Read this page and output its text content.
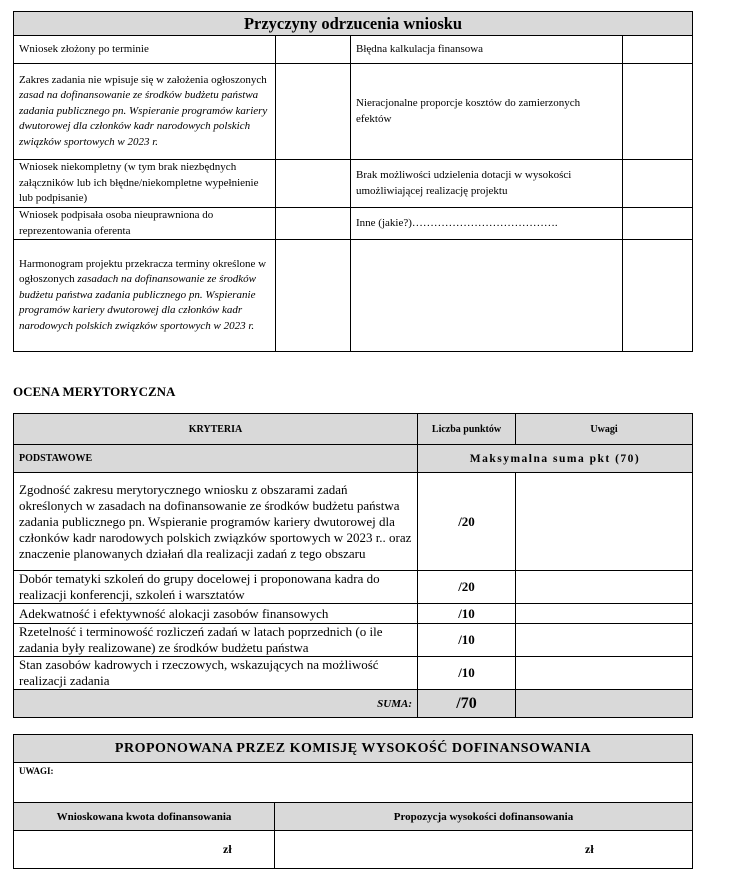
Przyczyny odrzucenia wniosku			
Wniosek złożony po terminie		Błędna kalkulacja finansowa	
Zakres zadania nie wpisuje się w założenia ogłoszonych zasad na dofinansowanie ze środków budżetu państwa zadania publicznego pn. Wspieranie programów kariery dwutorowej dla członków kadr narodowych polskich związków sportowych w 2023 r.		Nieracjonalne proporcje kosztów do zamierzonych efektów	
Wniosek niekompletny (w tym brak niezbędnych załączników lub ich błędne/niekompletne wypełnienie lub podpisanie)		Brak możliwości udzielenia dotacji w wysokości umożliwiającej realizację projektu	
Wniosek podpisała osoba nieuprawniona do reprezentowania oferenta		Inne (jakie?)………………………………….	
Harmonogram projektu przekracza terminy określone w ogłoszonych zasadach na dofinansowanie ze środków budżetu państwa zadania publicznego pn. Wspieranie programów kariery dwutorowej dla członków kadr narodowych polskich związków sportowych w 2023 r.			
OCENA MERYTORYCZNA
KRYTERIA	Liczba punktów	Uwagi
PODSTAWOWE	Maksymalna suma pkt (70)	
Zgodność zakresu merytorycznego wniosku z obszarami zadań określonych w zasadach na dofinansowanie ze środków budżetu państwa zadania publicznego pn. Wspieranie programów kariery dwutorowej dla członków kadr narodowych polskich związków sportowych w 2023 r.. oraz znaczenie planowanych działań dla realizacji zadań z tego obszaru	/20	
Dobór tematyki szkoleń do grupy docelowej i proponowana kadra do realizacji konferencji, szkoleń i warsztatów	/20	
Adekwatność i efektywność alokacji zasobów finansowych	/10	
Rzetelność i terminowość rozliczeń zadań w latach poprzednich (o ile zadania były realizowane) ze środków budżetu państwa	/10	
Stan zasobów kadrowych i rzeczowych, wskazujących na możliwość realizacji zadania	/10	
SUMA:	/70	
PROPONOWANA PRZEZ KOMISJĘ WYSOKOŚĆ DOFINANSOWANIA	
UWAGI:	
Wnioskowana kwota dofinansowania	Propozycja wysokości dofinansowania
zł	zł
